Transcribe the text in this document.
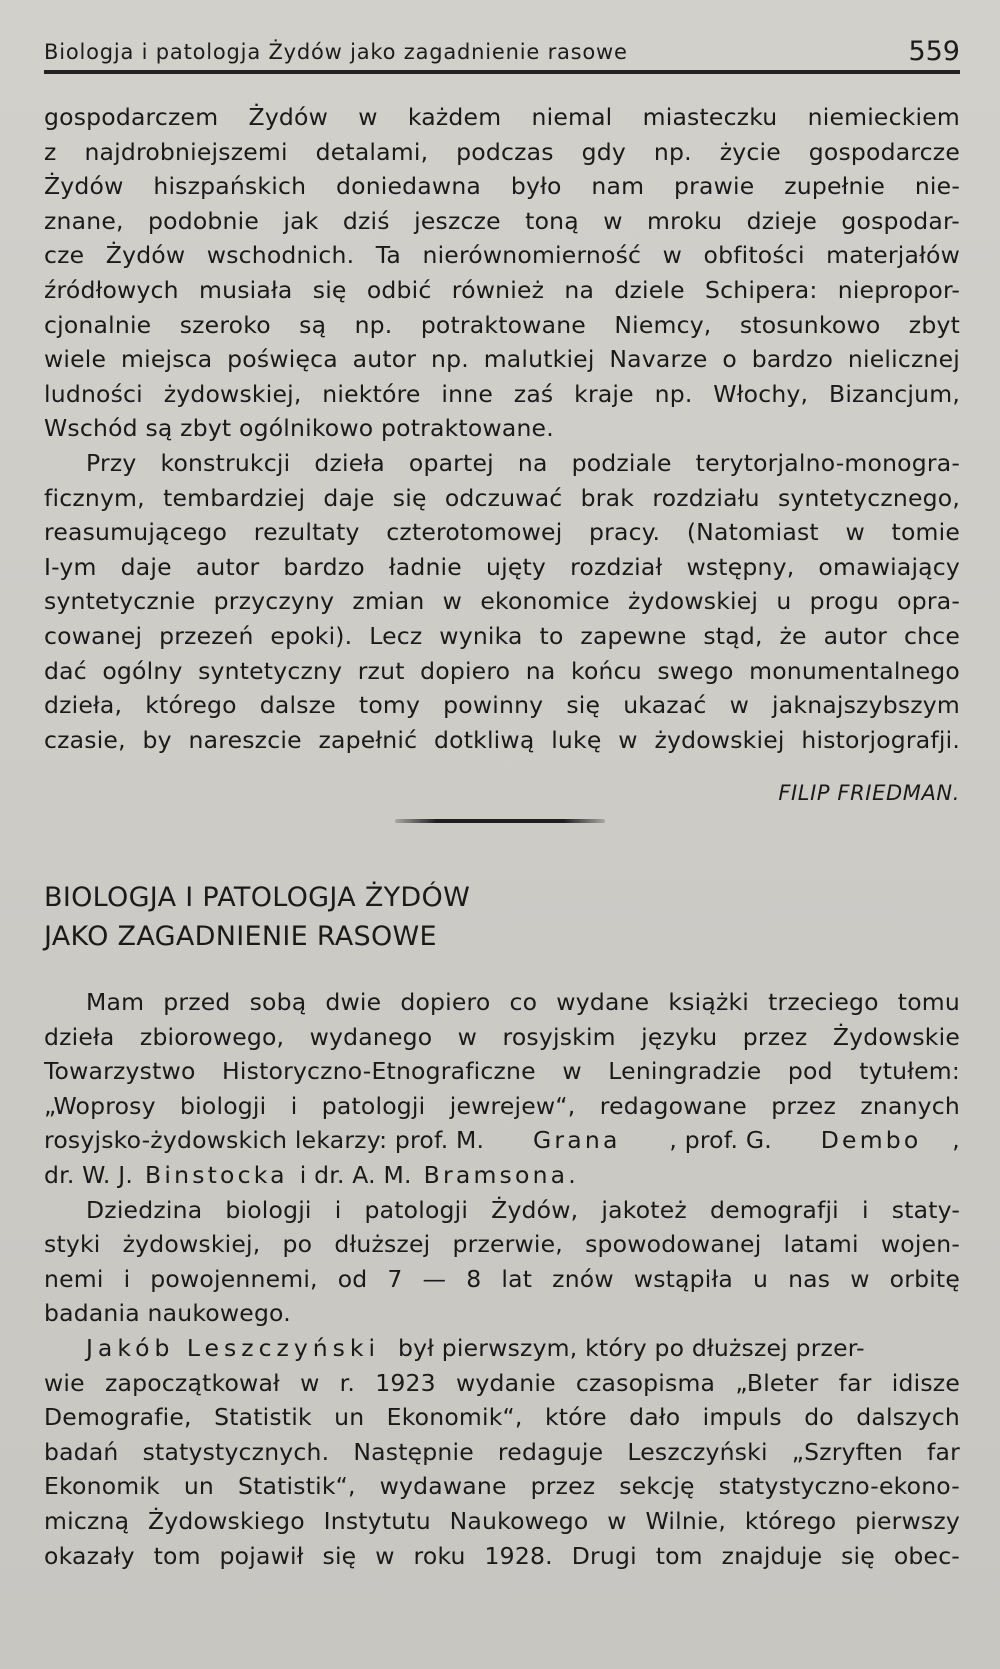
Biologja i patologja Żydów jako zagadnienie rasowe	559
gospodarczem Żydów w każdem niemal miasteczku niemieckiem
z najdrobniejszemi detalami, podczas gdy np. życie gospodarcze
Żydów hiszpańskich doniedawna było nam prawie zupełnie nie-
znane, podobnie jak dziś jeszcze toną w mroku dzieje gospodar-
cze Żydów wschodnich. Ta nierównomierność w obfitości materjałów
źródłowych musiała się odbić również na dziele Schipera: niepropor-
cjonalnie szeroko są np. potraktowane Niemcy, stosunkowo zbyt
wiele miejsca poświęca autor np. malutkiej Navarze o bardzo nielicznej
ludności żydowskiej, niektóre inne zaś kraje np. Włochy, Bizancjum,
Wschód są zbyt ogólnikowo potraktowane.
Przy konstrukcji dzieła opartej na podziale terytorjalno-monogra-
ficznym, tembardziej daje się odczuwać brak rozdziału syntetycznego,
reasumującego rezultaty czterotomowej pracy. (Natomiast w tomie
I-ym daje autor bardzo ładnie ujęty rozdział wstępny, omawiający
syntetycznie przyczyny zmian w ekonomice żydowskiej u progu opra-
cowanej przezeń epoki). Lecz wynika to zapewne stąd, że autor chce
dać ogólny syntetyczny rzut dopiero na końcu swego monumentalnego
dzieła, którego dalsze tomy powinny się ukazać w jaknajszybszym
czasie, by nareszcie zapełnić dotkliwą lukę w żydowskiej historjografji.
FILIP FRIEDMAN.
BIOLOGJA I PATOLOGJA ŻYDÓW
JAKO ZAGADNIENIE RASOWE
Mam przed sobą dwie dopiero co wydane książki trzeciego tomu
dzieła zbiorowego, wydanego w rosyjskim języku przez Żydowskie
Towarzystwo Historyczno-Etnograficzne w Leningradzie pod tytułem:
„Woprosy biologji i patologji jewrejew“, redagowane przez znanych
rosyjsko-żydowskich lekarzy: prof. M. Grana , prof. G. Dembo ,
dr. W. J. Binstocka i dr. A. M. Bramsona .
Dziedzina biologji i patologji Żydów, jakoteż demografji i staty-
styki żydowskiej, po dłuższej przerwie, spowodowanej latami wojen-
nemi i powojennemi, od 7 — 8 lat znów wstąpiła u nas w orbitę
badania naukowego.
Jakób Leszczyński był pierwszym, który po dłuższej przer-
wie zapoczątkował w r. 1923 wydanie czasopisma „Bleter far idisze
Demografie, Statistik un Ekonomik“, które dało impuls do dalszych
badań statystycznych. Następnie redaguje Leszczyński „Szryften far
Ekonomik un Statistik“, wydawane przez sekcję statystyczno-ekono-
miczną Żydowskiego Instytutu Naukowego w Wilnie, którego pierwszy
okazały tom pojawił się w roku 1928. Drugi tom znajduje się obec-
